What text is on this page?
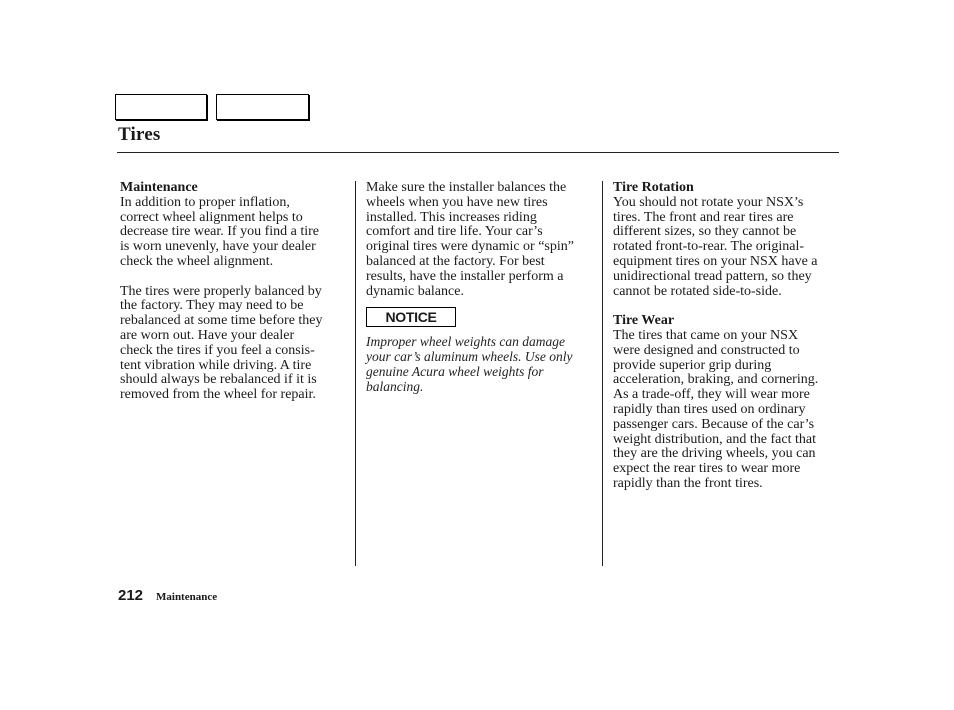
Tires
Maintenance

In addition to proper inflation,
correct wheel alignment helps to
decrease tire wear. If you find a tire
is worn unevenly, have your dealer
check the wheel alignment.

The tires were properly balanced by
the factory. They may need to be
rebalanced at some time before they
are worn out. Have your dealer
check the tires if you feel a consis-
tent vibration while driving. A tire
should always be rebalanced if it is
removed from the wheel for repair.

Make sure the installer balances the
wheels when you have new tires
installed. This increases riding
comfort and tire life. Your car’s
original tires were dynamic or “spin”
balanced at the factory. For best
results, have the installer perform a
dynamic balance.

NOTICE
Improper wheel weights can damage
your car’s aluminum wheels. Use only
genuine Acura wheel weights for
balancing.
Tire Rotation

You should not rotate your NSX’s
tires. The front and rear tires are
different sizes, so they cannot be
rotated front-to-rear. The original-
equipment tires on your NSX have a
unidirectional tread pattern, so they
cannot be rotated side-to-side.

Tire Wear

The tires that came on your NSX
were designed and constructed to
provide superior grip during
acceleration, braking, and cornering.
As a trade-off, they will wear more
rapidly than tires used on ordinary
passenger cars. Because of the car’s
weight distribution, and the fact that
they are the driving wheels, you can
expect the rear tires to wear more
rapidly than the front tires.

212 Maintenance
